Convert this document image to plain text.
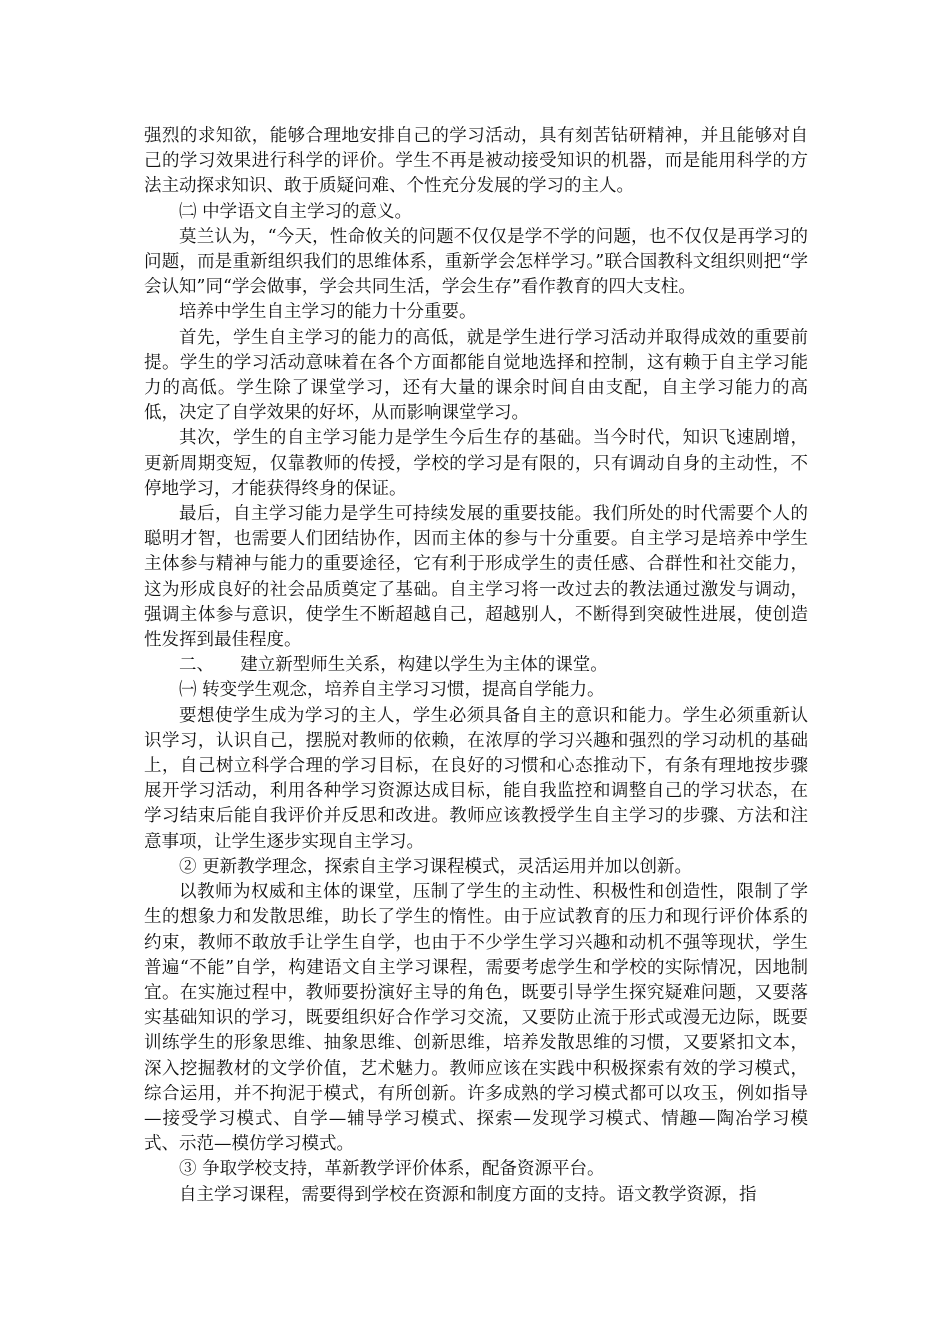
强烈的求知欲，能够合理地安排自己的学习活动，具有刻苦钻研精神，并且能够对自己的学习效果进行科学的评价。学生不再是被动接受知识的机器，而是能用科学的方法主动探求知识、敢于质疑问难、个性充分发展的学习的主人。

㈡ 中学语文自主学习的意义。

莫兰认为，“今天，性命攸关的问题不仅仅是学不学的问题，也不仅仅是再学习的问题，而是重新组织我们的思维体系，重新学会怎样学习。”联合国教科文组织则把“学会认知”同“学会做事，学会共同生活，学会生存”看作教育的四大支柱。

培养中学生自主学习的能力十分重要。

首先，学生自主学习的能力的高低，就是学生进行学习活动并取得成效的重要前提。学生的学习活动意味着在各个方面都能自觉地选择和控制，这有赖于自主学习能力的高低。学生除了课堂学习，还有大量的课余时间自由支配，自主学习能力的高低，决定了自学效果的好坏，从而影响课堂学习。

其次，学生的自主学习能力是学生今后生存的基础。当今时代，知识飞速剧增，更新周期变短，仅靠教师的传授，学校的学习是有限的，只有调动自身的主动性，不停地学习，才能获得终身的保证。

最后，自主学习能力是学生可持续发展的重要技能。我们所处的时代需要个人的聪明才智，也需要人们团结协作，因而主体的参与十分重要。自主学习是培养中学生主体参与精神与能力的重要途径，它有利于形成学生的责任感、合群性和社交能力，这为形成良好的社会品质奠定了基础。自主学习将一改过去的教法通过激发与调动，强调主体参与意识，使学生不断超越自己，超越别人，不断得到突破性进展，使创造性发挥到最佳程度。

二、　　建立新型师生关系，构建以学生为主体的课堂。

㈠ 转变学生观念，培养自主学习习惯，提高自学能力。

要想使学生成为学习的主人，学生必须具备自主的意识和能力。学生必须重新认识学习，认识自己，摆脱对教师的依赖，在浓厚的学习兴趣和强烈的学习动机的基础上，自己树立科学合理的学习目标，在良好的习惯和心态推动下，有条有理地按步骤展开学习活动，利用各种学习资源达成目标，能自我监控和调整自己的学习状态，在学习结束后能自我评价并反思和改进。教师应该教授学生自主学习的步骤、方法和注意事项，让学生逐步实现自主学习。

② 更新教学理念，探索自主学习课程模式，灵活运用并加以创新。

以教师为权威和主体的课堂，压制了学生的主动性、积极性和创造性，限制了学生的想象力和发散思维，助长了学生的惰性。由于应试教育的压力和现行评价体系的约束，教师不敢放手让学生自学，也由于不少学生学习兴趣和动机不强等现状，学生普遍“不能”自学，构建语文自主学习课程，需要考虑学生和学校的实际情况，因地制宜。在实施过程中，教师要扮演好主导的角色，既要引导学生探究疑难问题，又要落实基础知识的学习，既要组织好合作学习交流，又要防止流于形式或漫无边际，既要训练学生的形象思维、抽象思维、创新思维，培养发散思维的习惯，又要紧扣文本，深入挖掘教材的文学价值，艺术魅力。教师应该在实践中积极探索有效的学习模式，综合运用，并不拘泥于模式，有所创新。许多成熟的学习模式都可以攻玉，例如指导—接受学习模式、自学—辅导学习模式、探索—发现学习模式、情趣—陶冶学习模式、示范—模仿学习模式。

③ 争取学校支持，革新教学评价体系，配备资源平台。

自主学习课程，需要得到学校在资源和制度方面的支持。语文教学资源，指
